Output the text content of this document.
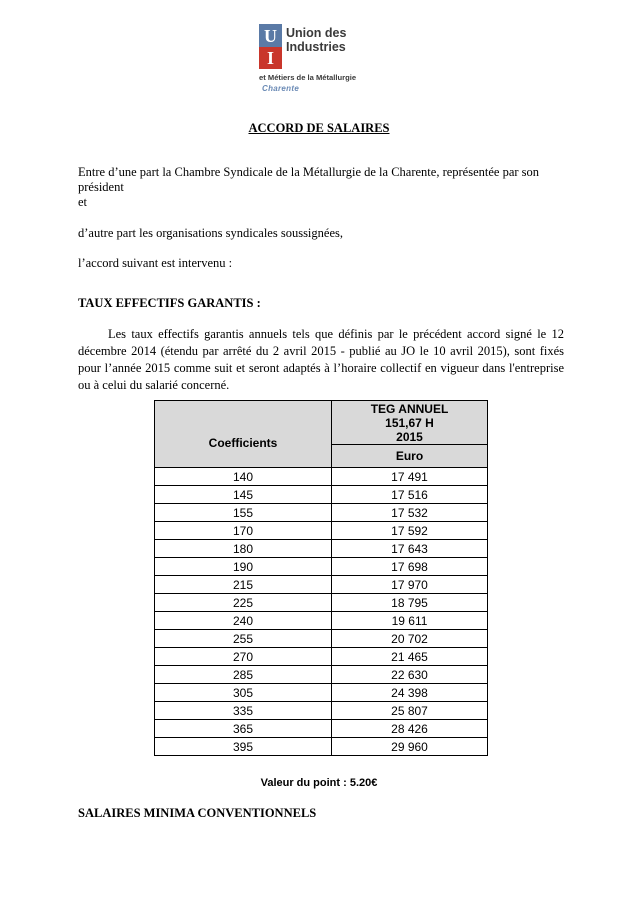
U
I
Union des
Industries
et Métiers de la Métallurgie
Charente
ACCORD DE SALAIRES
Entre d’une part la Chambre Syndicale de la Métallurgie de la Charente, représentée par son président
et
d’autre part les organisations syndicales soussignées,
l’accord suivant est intervenu :
TAUX EFFECTIFS GARANTIS :
Les taux effectifs garantis annuels tels que définis par le précédent accord signé le 12 décembre 2014 (étendu par arrêté du 2 avril 2015 - publié au JO le 10 avril 2015), sont fixés pour l’année 2015 comme suit et seront adaptés à l’horaire collectif en vigueur dans l'entreprise ou à celui du salarié concerné.
Coefficients	TEG ANNUEL
151,67 H
2015

	Euro
140	17 491
145	17 516
155	17 532
170	17 592
180	17 643
190	17 698
215	17 970
225	18 795
240	19 611
255	20 702
270	21 465
285	22 630
305	24 398
335	25 807
365	28 426
395	29 960
Valeur du point : 5.20€
SALAIRES MINIMA CONVENTIONNELS
